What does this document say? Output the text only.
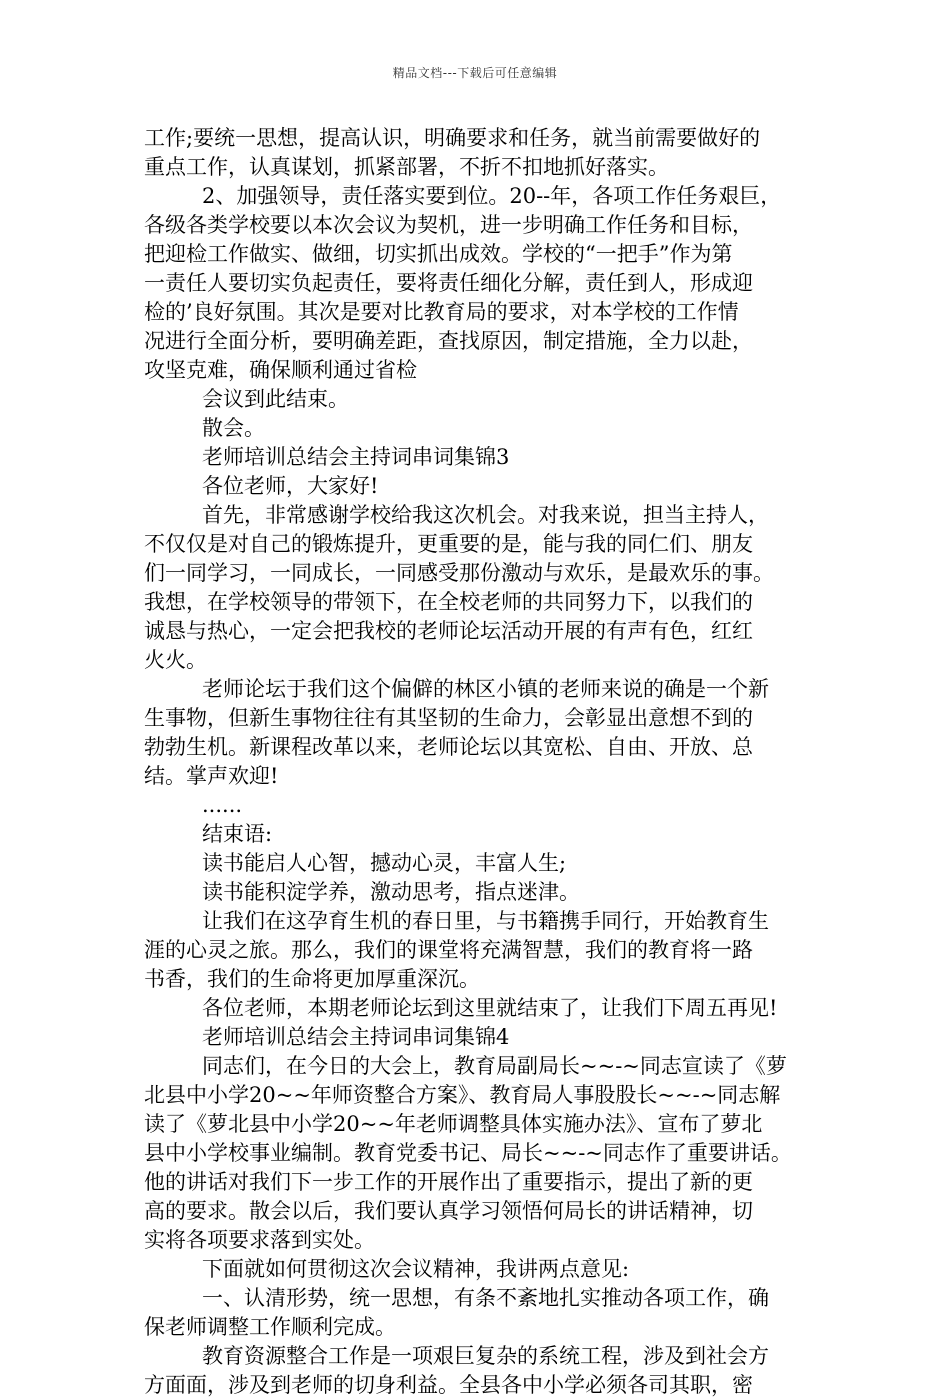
精品文档---下载后可任意编辑
工作;要统一思想，提高认识，明确要求和任务，就当前需要做好的
重点工作，认真谋划，抓紧部署，不折不扣地抓好落实。
2、加强领导，责任落实要到位。20--年，各项工作任务艰巨，
各级各类学校要以本次会议为契机，进一步明确工作任务和目标，
把迎检工作做实、做细，切实抓出成效。学校的“一把手”作为第
一责任人要切实负起责任，要将责任细化分解，责任到人，形成迎
检的’良好氛围。其次是要对比教育局的要求，对本学校的工作情
况进行全面分析，要明确差距，查找原因，制定措施，全力以赴，
攻坚克难，确保顺利通过省检
会议到此结束。
散会。
老师培训总结会主持词串词集锦3
各位老师，大家好!
首先，非常感谢学校给我这次机会。对我来说，担当主持人，
不仅仅是对自己的锻炼提升，更重要的是，能与我的同仁们、朋友
们一同学习，一同成长，一同感受那份激动与欢乐，是最欢乐的事。
我想，在学校领导的带领下，在全校老师的共同努力下，以我们的
诚恳与热心，一定会把我校的老师论坛活动开展的有声有色，红红
火火。
老师论坛于我们这个偏僻的林区小镇的老师来说的确是一个新
生事物，但新生事物往往有其坚韧的生命力，会彰显出意想不到的
勃勃生机。新课程改革以来，老师论坛以其宽松、自由、开放、总
结。掌声欢迎!
......
结束语:
读书能启人心智，撼动心灵，丰富人生;
读书能积淀学养，激动思考，指点迷津。
让我们在这孕育生机的春日里，与书籍携手同行，开始教育生
涯的心灵之旅。那么，我们的课堂将充满智慧，我们的教育将一路
书香，我们的生命将更加厚重深沉。
各位老师，本期老师论坛到这里就结束了，让我们下周五再见!
老师培训总结会主持词串词集锦4
同志们，在今日的大会上，教育局副局长~~-~同志宣读了《萝
北县中小学20~~年师资整合方案》、教育局人事股股长~~-~同志解
读了《萝北县中小学20~~年老师调整具体实施办法》、宣布了萝北
县中小学校事业编制。教育党委书记、局长~~-~同志作了重要讲话。
他的讲话对我们下一步工作的开展作出了重要指示，提出了新的更
高的要求。散会以后，我们要认真学习领悟何局长的讲话精神，切
实将各项要求落到实处。
下面就如何贯彻这次会议精神，我讲两点意见:
一、认清形势，统一思想，有条不紊地扎实推动各项工作，确
保老师调整工作顺利完成。
教育资源整合工作是一项艰巨复杂的系统工程，涉及到社会方
方面面，涉及到老师的切身利益。全县各中小学必须各司其职，密
